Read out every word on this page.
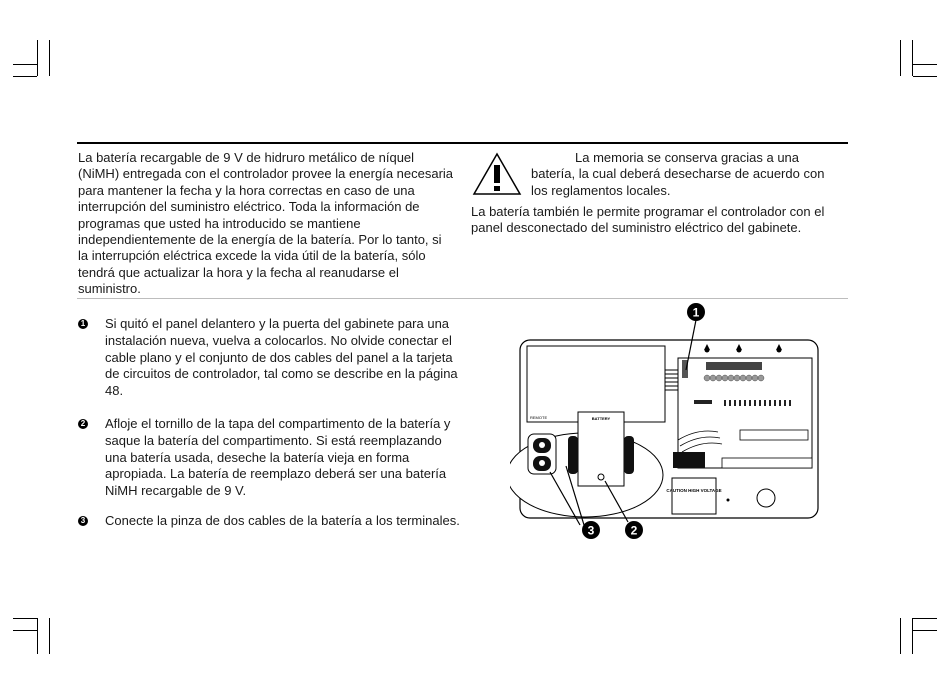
La batería recargable de 9 V de hidruro metálico de níquel (NiMH) entregada con el controlador provee la energía necesaria para mantener la fecha y la hora correctas en caso de una interrupción del suministro eléctrico. Toda la información de programas que usted ha introducido se mantiene independientemente de la energía de la batería. Por lo tanto, si la interrupción eléctrica excede la vida útil de la batería, sólo tendrá que actualizar la hora y la fecha al reanudarse el suministro.

La memoria se conserva gracias a una batería, la cual deberá desecharse de acuerdo con los reglamentos locales.

La batería también le permite programar el controlador con el panel desconectado del suministro eléctrico del gabinete.

1 Si quitó el panel delantero y la puerta del gabinete para una instalación nueva, vuelva a colocarlos. No olvide conectar el cable plano y el conjunto de dos cables del panel a la tarjeta de circuitos de controlador, tal como se describe en la página 48.

2 Afloje el tornillo de la tapa del compartimento de la batería y saque la batería del compartimento. Si está reemplazando una batería usada, deseche la batería vieja en forma apropiada. La batería de reemplazo deberá ser una batería NiMH recargable de 9 V.

3 Conecte la pinza de dos cables de la batería a los terminales.

REMOTE
CAUTION HIGH VOLTAGE
BATTERY
1
3	2
